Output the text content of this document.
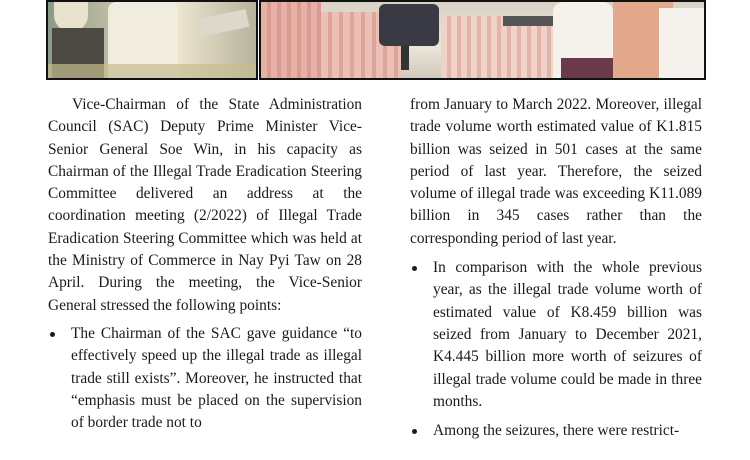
Vice-Chairman of the State Administration Council (SAC) Deputy Prime Minister Vice-Senior General Soe Win, in his capacity as Chairman of the Illegal Trade Eradication Steering Committee delivered an address at the coordination meeting (2/2022) of Illegal Trade Eradication Steering Committee which was held at the Ministry of Commerce in Nay Pyi Taw on 28 April. During the meeting, the Vice-Senior General stressed the following points:

The Chairman of the SAC gave guidance “to effectively speed up the illegal trade as illegal trade still exists”. Moreover, he instructed that “emphasis must be placed on the supervision of border trade not to

from January to March 2022. Moreover, illegal trade volume worth estimated value of K1.815 billion was seized in 501 cases at the same period of last year. Therefore, the seized volume of illegal trade was exceeding K11.089 billion in 345 cases rather than the corresponding period of last year.

In comparison with the whole previous year, as the illegal trade volume worth of estimated value of K8.459 billion was seized from January to December 2021, K4.445 billion more worth of seizures of illegal trade volume could be made in three months.
Among the seizures, there were restrict-
